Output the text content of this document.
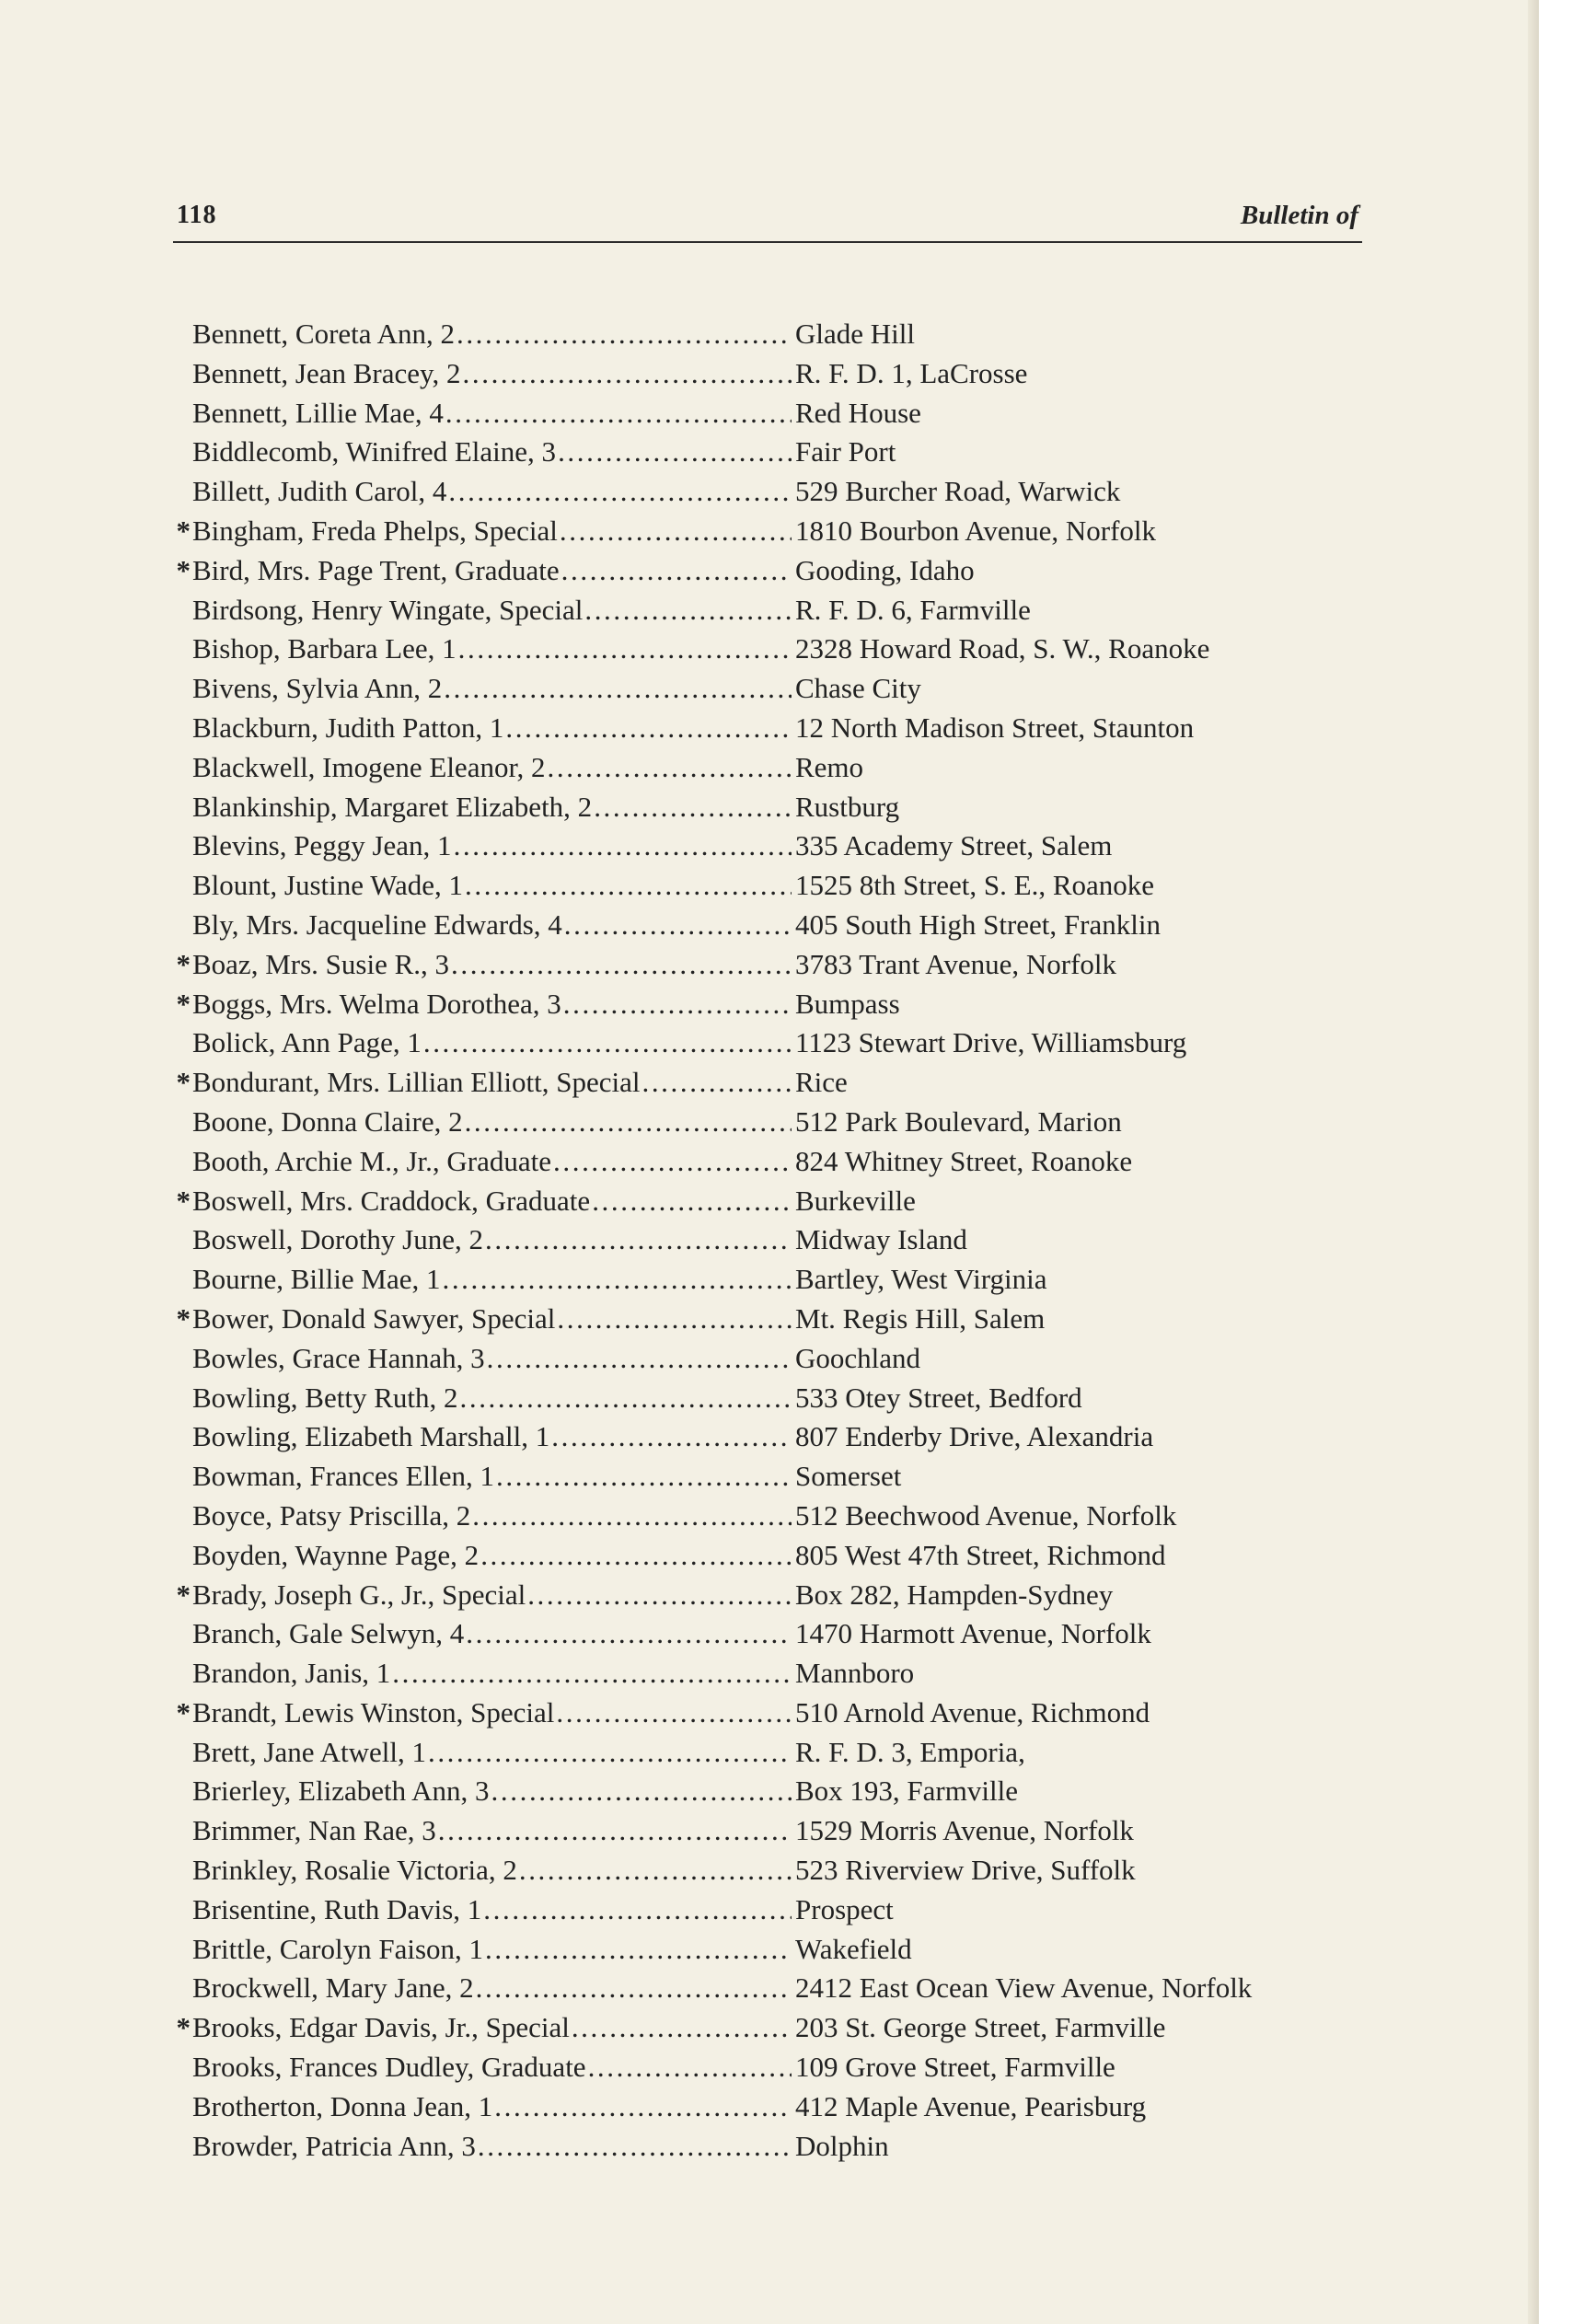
118	Bulletin of
Bennett, Coreta Ann, 2 .....	Glade Hill
Bennett, Jean Bracey, 2 .....	R. F. D. 1, LaCrosse
Bennett, Lillie Mae, 4 .....	Red House
Biddlecomb, Winifred Elaine, 3 .....	Fair Port
Billett, Judith Carol, 4 .....	529 Burcher Road, Warwick
* Bingham, Freda Phelps, Special .....	1810 Bourbon Avenue, Norfolk
* Bird, Mrs. Page Trent, Graduate .....	Gooding, Idaho
Birdsong, Henry Wingate, Special .....	R. F. D. 6, Farmville
Bishop, Barbara Lee, 1 .....	2328 Howard Road, S. W., Roanoke
Bivens, Sylvia Ann, 2 .....	Chase City
Blackburn, Judith Patton, 1 .....	12 North Madison Street, Staunton
Blackwell, Imogene Eleanor, 2 .....	Remo
Blankinship, Margaret Elizabeth, 2 .....	Rustburg
Blevins, Peggy Jean, 1 .....	335 Academy Street, Salem
Blount, Justine Wade, 1 .....	1525 8th Street, S. E., Roanoke
Bly, Mrs. Jacqueline Edwards, 4 .....	405 South High Street, Franklin
* Boaz, Mrs. Susie R., 3 .....	3783 Trant Avenue, Norfolk
* Boggs, Mrs. Welma Dorothea, 3 .....	Bumpass
Bolick, Ann Page, 1 .....	1123 Stewart Drive, Williamsburg
* Bondurant, Mrs. Lillian Elliott, Special .....	Rice
Boone, Donna Claire, 2 .....	512 Park Boulevard, Marion
Booth, Archie M., Jr., Graduate .....	824 Whitney Street, Roanoke
* Boswell, Mrs. Craddock, Graduate .....	Burkeville
Boswell, Dorothy June, 2 .....	Midway Island
Bourne, Billie Mae, 1 .....	Bartley, West Virginia
* Bower, Donald Sawyer, Special .....	Mt. Regis Hill, Salem
Bowles, Grace Hannah, 3 .....	Goochland
Bowling, Betty Ruth, 2 .....	533 Otey Street, Bedford
Bowling, Elizabeth Marshall, 1 .....	807 Enderby Drive, Alexandria
Bowman, Frances Ellen, 1 .....	Somerset
Boyce, Patsy Priscilla, 2 .....	512 Beechwood Avenue, Norfolk
Boyden, Waynne Page, 2 .....	805 West 47th Street, Richmond
* Brady, Joseph G., Jr., Special .....	Box 282, Hampden-Sydney
Branch, Gale Selwyn, 4 .....	1470 Harmott Avenue, Norfolk
Brandon, Janis, 1 .....	Mannboro
* Brandt, Lewis Winston, Special .....	510 Arnold Avenue, Richmond
Brett, Jane Atwell, 1 .....	R. F. D. 3, Emporia,
Brierley, Elizabeth Ann, 3 .....	Box 193, Farmville
Brimmer, Nan Rae, 3 .....	1529 Morris Avenue, Norfolk
Brinkley, Rosalie Victoria, 2 .....	523 Riverview Drive, Suffolk
Brisentine, Ruth Davis, 1 .....	Prospect
Brittle, Carolyn Faison, 1 .....	Wakefield
Brockwell, Mary Jane, 2 .....	2412 East Ocean View Avenue, Norfolk
* Brooks, Edgar Davis, Jr., Special .....	203 St. George Street, Farmville
Brooks, Frances Dudley, Graduate .....	109 Grove Street, Farmville
Brotherton, Donna Jean, 1 .....	412 Maple Avenue, Pearisburg
Browder, Patricia Ann, 3 .....	Dolphin
